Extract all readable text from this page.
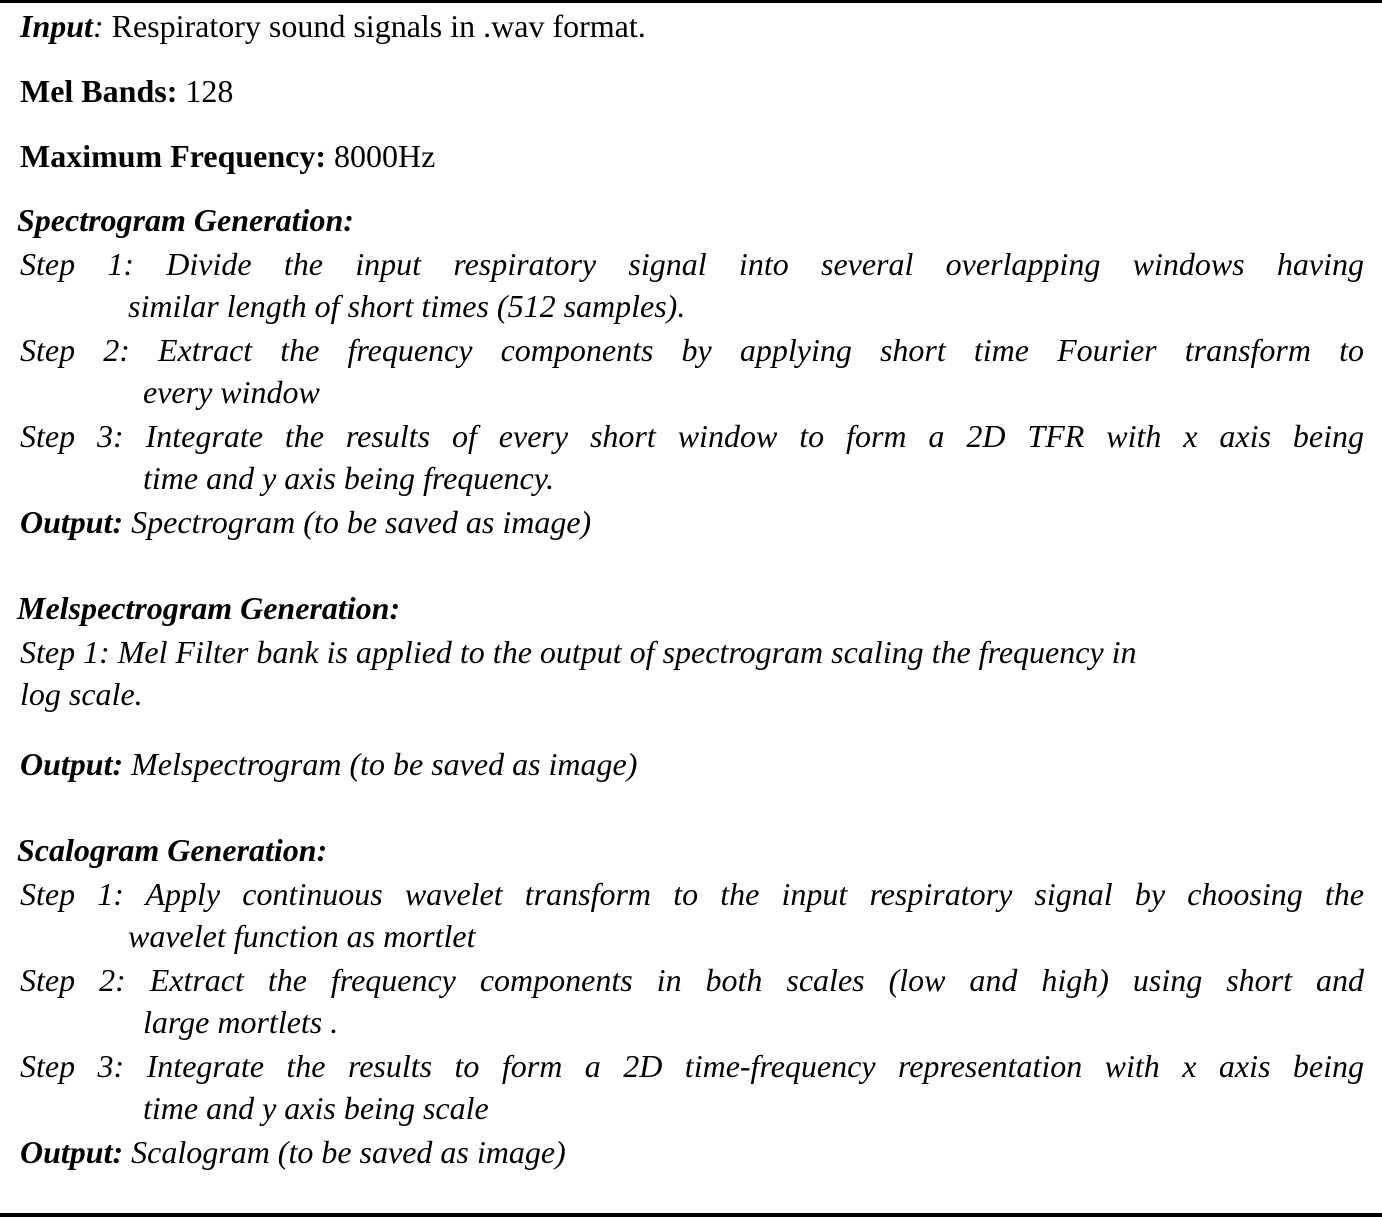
Input: Respiratory sound signals in .wav format.
Mel Bands: 128
Maximum Frequency: 8000Hz
Spectrogram Generation:
Step 1: Divide the input respiratory signal into several overlapping windows having
similar length of short times (512 samples).
Step 2: Extract the frequency components by applying short time Fourier transform to
every window
Step 3: Integrate the results of every short window to form a 2D TFR with x axis being
time and y axis being frequency.
Output: Spectrogram (to be saved as image)
Melspectrogram Generation:
Step 1: Mel Filter bank is applied to the output of spectrogram scaling the frequency in
log scale.
Output: Melspectrogram (to be saved as image)
Scalogram Generation:
Step 1: Apply continuous wavelet transform to the input respiratory signal by choosing the
wavelet function as mortlet
Step 2: Extract the frequency components in both scales (low and high) using short and
large mortlets .
Step 3: Integrate the results to form a 2D time-frequency representation with x axis being
time and y axis being scale
Output: Scalogram (to be saved as image)
